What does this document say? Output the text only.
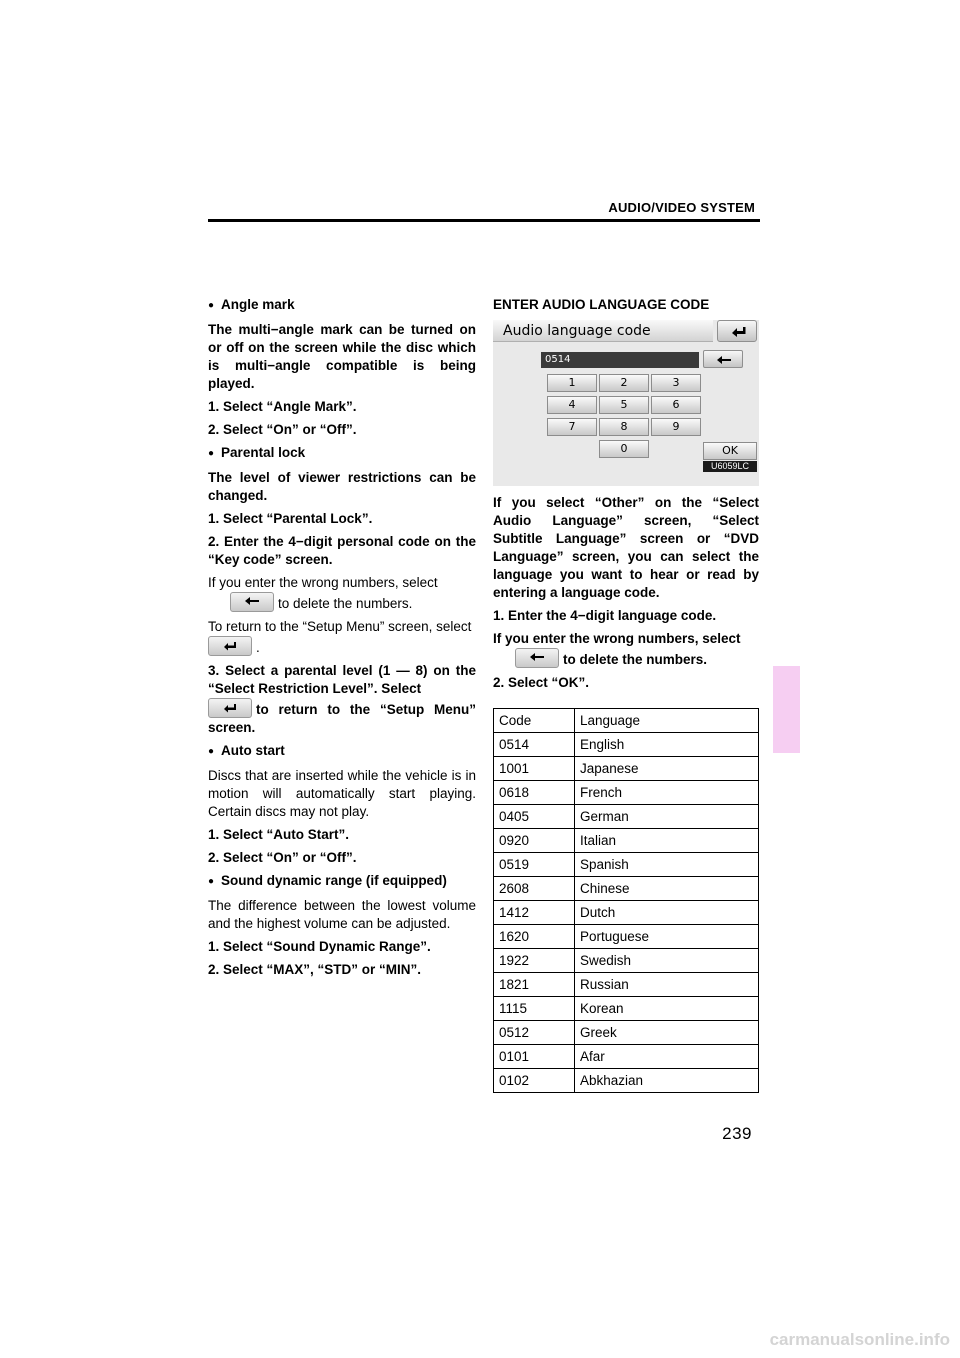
AUDIO/VIDEO SYSTEM

● Angle mark

The multi−angle mark can be turned on or off on the screen while the disc which is multi−angle compatible is being played.

1. Select “Angle Mark”.

2. Select “On” or “Off”.

● Parental lock

The level of viewer restrictions can be changed.

1. Select “Parental Lock”.

2. Enter the 4−digit personal code on the “Key code” screen.

If you enter the wrong numbers, select

to delete the numbers.

To return to the “Setup Menu” screen, select
.

3. Select a parental level (1 — 8) on the “Select Restriction Level”. Select

to return to the “Setup Menu” screen.

● Auto start

Discs that are inserted while the vehicle is in motion will automatically start playing. Certain discs may not play.

1. Select “Auto Start”.

2. Select “On” or “Off”.

● Sound dynamic range (if equipped)

The difference between the lowest volume and the highest volume can be adjusted.

1. Select “Sound Dynamic Range”.

2. Select “MAX”, “STD” or “MIN”.

ENTER AUDIO LANGUAGE CODE

Audio language code
0514
1	2	3
4	5	6
7	8	9
0	OK
U6059LC

If you select “Other” on the “Select Audio Language” screen, “Select Subtitle Language” screen or “DVD Language” screen, you can select the language you want to hear or read by entering a language code.

1. Enter the 4−digit language code.

If you enter the wrong numbers, select

to delete the numbers.

2. Select “OK”.

Code	Language
0514	English
1001	Japanese
0618	French
0405	German
0920	Italian
0519	Spanish
2608	Chinese
1412	Dutch
1620	Portuguese
1922	Swedish
1821	Russian
1115	Korean
0512	Greek
0101	Afar
0102	Abkhazian
239
carmanualsonline.info
